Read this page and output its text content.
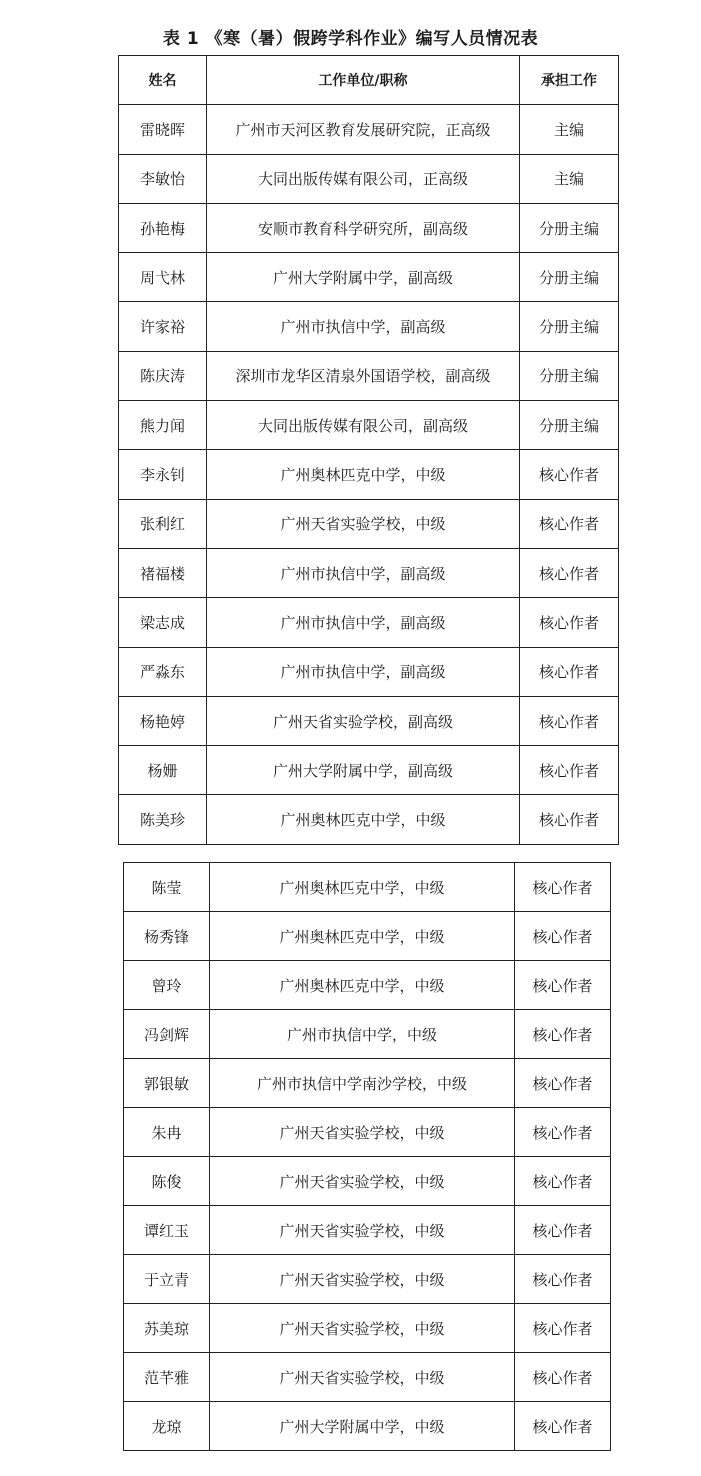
表 1 《寒（暑）假跨学科作业》编写人员情况表
姓名	工作单位/职称	承担工作
雷晓晖	广州市天河区教育发展研究院，正高级	主编
李敏怡	大同出版传媒有限公司，正高级	主编
孙艳梅	安顺市教育科学研究所，副高级	分册主编
周弋林	广州大学附属中学，副高级	分册主编
许家裕	广州市执信中学，副高级	分册主编
陈庆涛	深圳市龙华区清泉外国语学校，副高级	分册主编
熊力闻	大同出版传媒有限公司，副高级	分册主编
李永钊	广州奥林匹克中学，中级	核心作者
张利红	广州天省实验学校，中级	核心作者
褚福楼	广州市执信中学，副高级	核心作者
梁志成	广州市执信中学，副高级	核心作者
严淼东	广州市执信中学，副高级	核心作者
杨艳婷	广州天省实验学校，副高级	核心作者
杨姗	广州大学附属中学，副高级	核心作者
陈美珍	广州奥林匹克中学，中级	核心作者
陈莹	广州奥林匹克中学，中级	核心作者
杨秀锋	广州奥林匹克中学，中级	核心作者
曾玲	广州奥林匹克中学，中级	核心作者
冯剑辉	广州市执信中学，中级	核心作者
郭银敏	广州市执信中学南沙学校，中级	核心作者
朱冉	广州天省实验学校，中级	核心作者
陈俊	广州天省实验学校，中级	核心作者
谭红玉	广州天省实验学校，中级	核心作者
于立青	广州天省实验学校，中级	核心作者
苏美琼	广州天省实验学校，中级	核心作者
范芊雅	广州天省实验学校，中级	核心作者
龙琼	广州大学附属中学，中级	核心作者
